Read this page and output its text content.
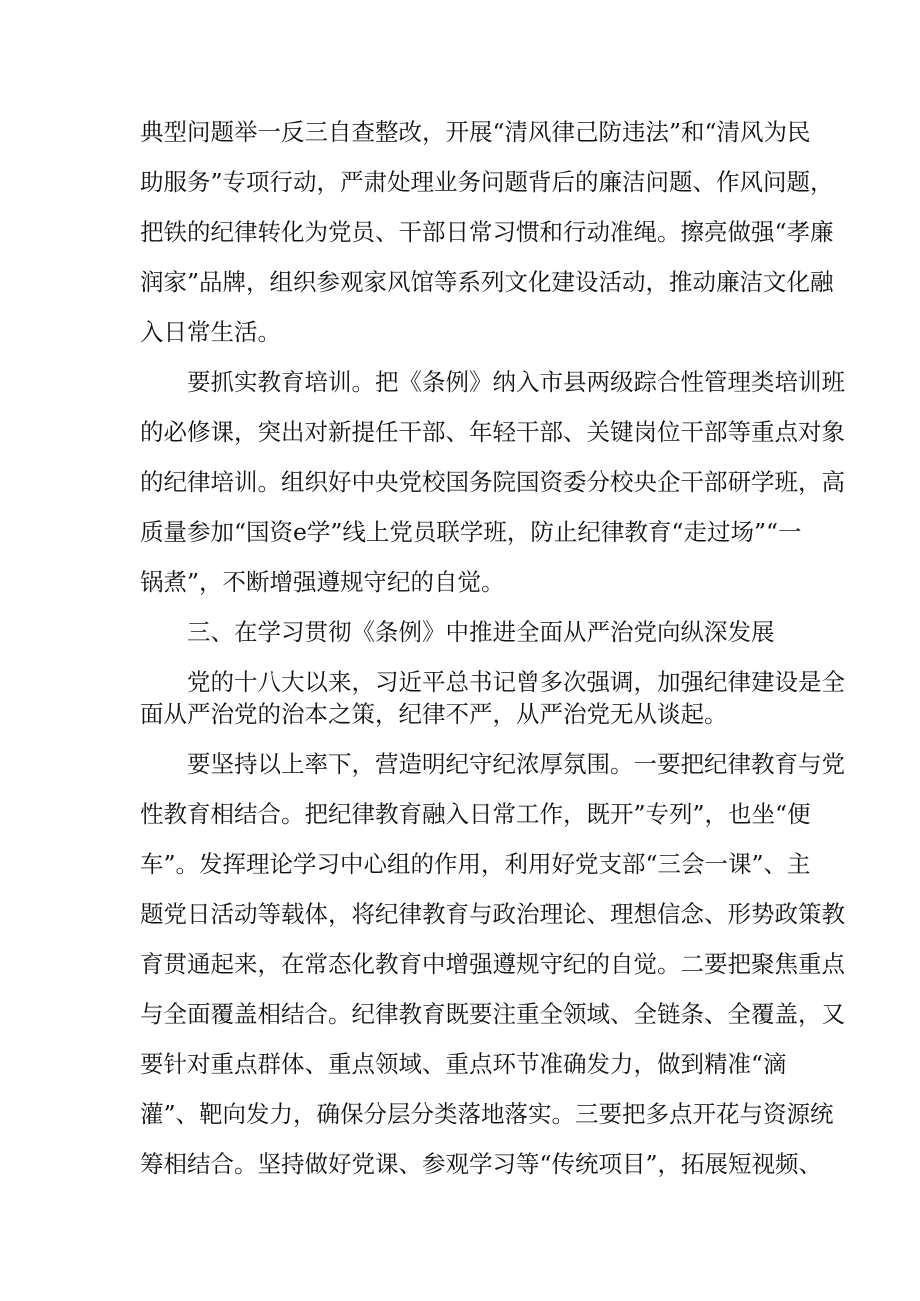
典型问题举一反三自查整改，开展“清风律己防违法”和“清风为民
助服务”专项行动，严肃处理业务问题背后的廉洁问题、作风问题，
把铁的纪律转化为党员、干部日常习惯和行动准绳。擦亮做强“孝廉
润家”品牌，组织参观家风馆等系列文化建设活动，推动廉洁文化融
入日常生活。
要抓实教育培训。把《条例》纳入市县两级踪合性管理类培训班
的必修课，突出对新提任干部、年轻干部、关键岗位干部等重点对象
的纪律培训。组织好中央党校国务院国资委分校央企干部研学班，高
质量参加“国资e学”线上党员联学班，防止纪律教育“走过场”“一
锅煮”，不断增强遵规守纪的自觉。
三、在学习贯彻《条例》中推进全面从严治党向纵深发展
党的十八大以来，习近平总书记曾多次强调，加强纪律建设是全
面从严治党的治本之策，纪律不严，从严治党无从谈起。
要坚持以上率下，营造明纪守纪浓厚氛围。一要把纪律教育与党
性教育相结合。把纪律教育融入日常工作，既开”专列”，也坐“便
车”。发挥理论学习中心组的作用，利用好党支部“三会一课”、主
题党日活动等载体，将纪律教育与政治理论、理想信念、形势政策教
育贯通起来，在常态化教育中增强遵规守纪的自觉。二要把聚焦重点
与全面覆盖相结合。纪律教育既要注重全领域、全链条、全覆盖，又
要针对重点群体、重点领域、重点环节准确发力，做到精准“滴
灌”、靶向发力，确保分层分类落地落实。三要把多点开花与资源统
筹相结合。坚持做好党课、参观学习等“传统项目”，拓展短视频、
